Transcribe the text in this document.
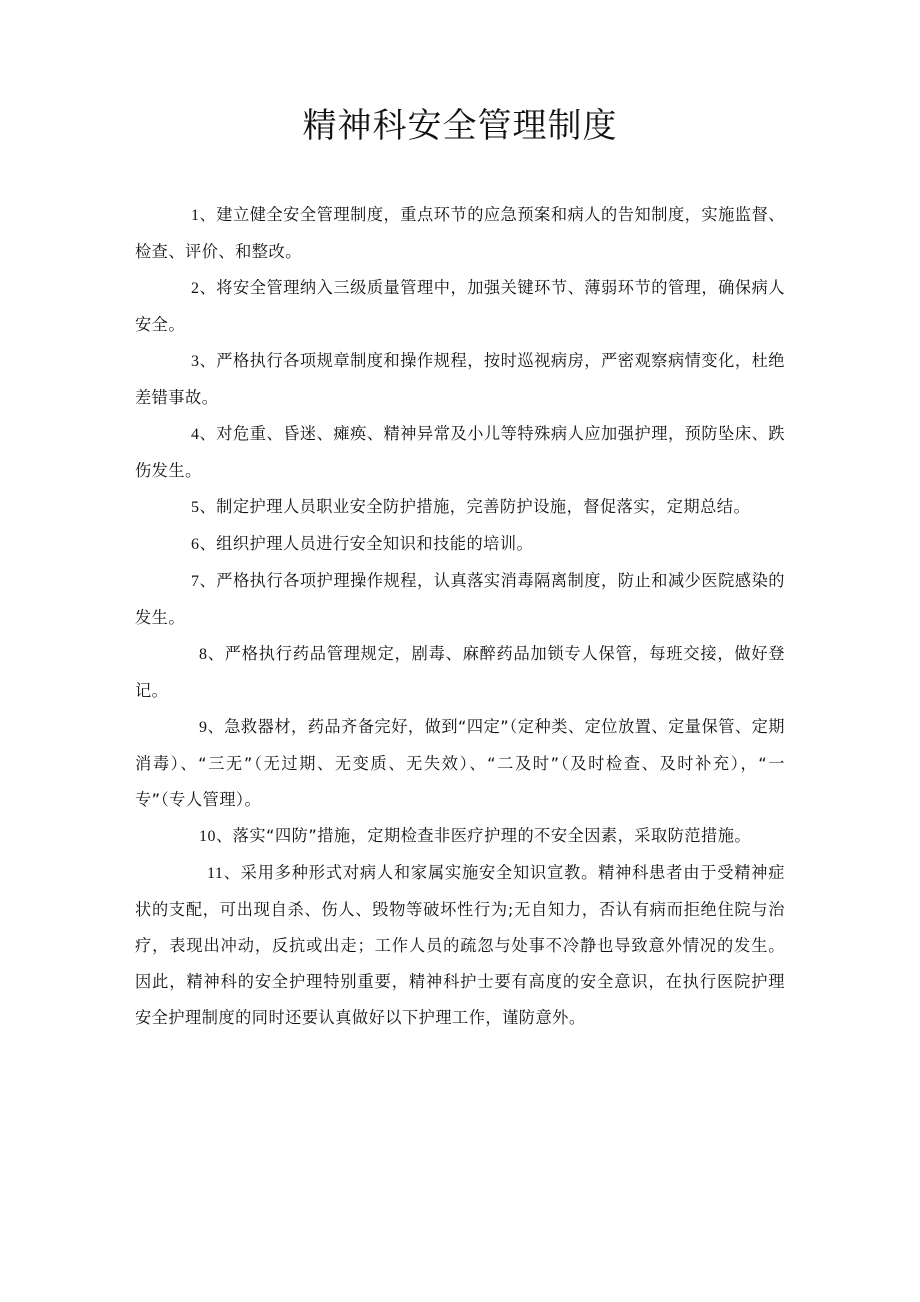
精神科安全管理制度

1、建立健全安全管理制度，重点环节的应急预案和病人的告知制度，实施监督、检查、评价、和整改。

2、将安全管理纳入三级质量管理中，加强关键环节、薄弱环节的管理，确保病人安全。

3、严格执行各项规章制度和操作规程，按时巡视病房，严密观察病情变化，杜绝差错事故。

4、对危重、昏迷、瘫痪、精神异常及小儿等特殊病人应加强护理，预防坠床、跌伤发生。

5、制定护理人员职业安全防护措施，完善防护设施，督促落实，定期总结。

6、组织护理人员进行安全知识和技能的培训。

7、严格执行各项护理操作规程，认真落实消毒隔离制度，防止和减少医院感染的发生。

8、严格执行药品管理规定，剧毒、麻醉药品加锁专人保管，每班交接，做好登记。

9、急救器材，药品齐备完好，做到“四定”（定种类、定位放置、定量保管、定期消毒）、“三无”（无过期、无变质、无失效）、“二及时”（及时检查、及时补充），“一专”（专人管理）。

10、落实“四防”措施，定期检查非医疗护理的不安全因素，采取防范措施。

11、采用多种形式对病人和家属实施安全知识宣教。精神科患者由于受精神症状的支配，可出现自杀、伤人、毁物等破坏性行为;无自知力，否认有病而拒绝住院与治疗，表现出冲动，反抗或出走；工作人员的疏忽与处事不冷静也导致意外情况的发生。因此，精神科的安全护理特别重要，精神科护士要有高度的安全意识，在执行医院护理安全护理制度的同时还要认真做好以下护理工作，谨防意外。
